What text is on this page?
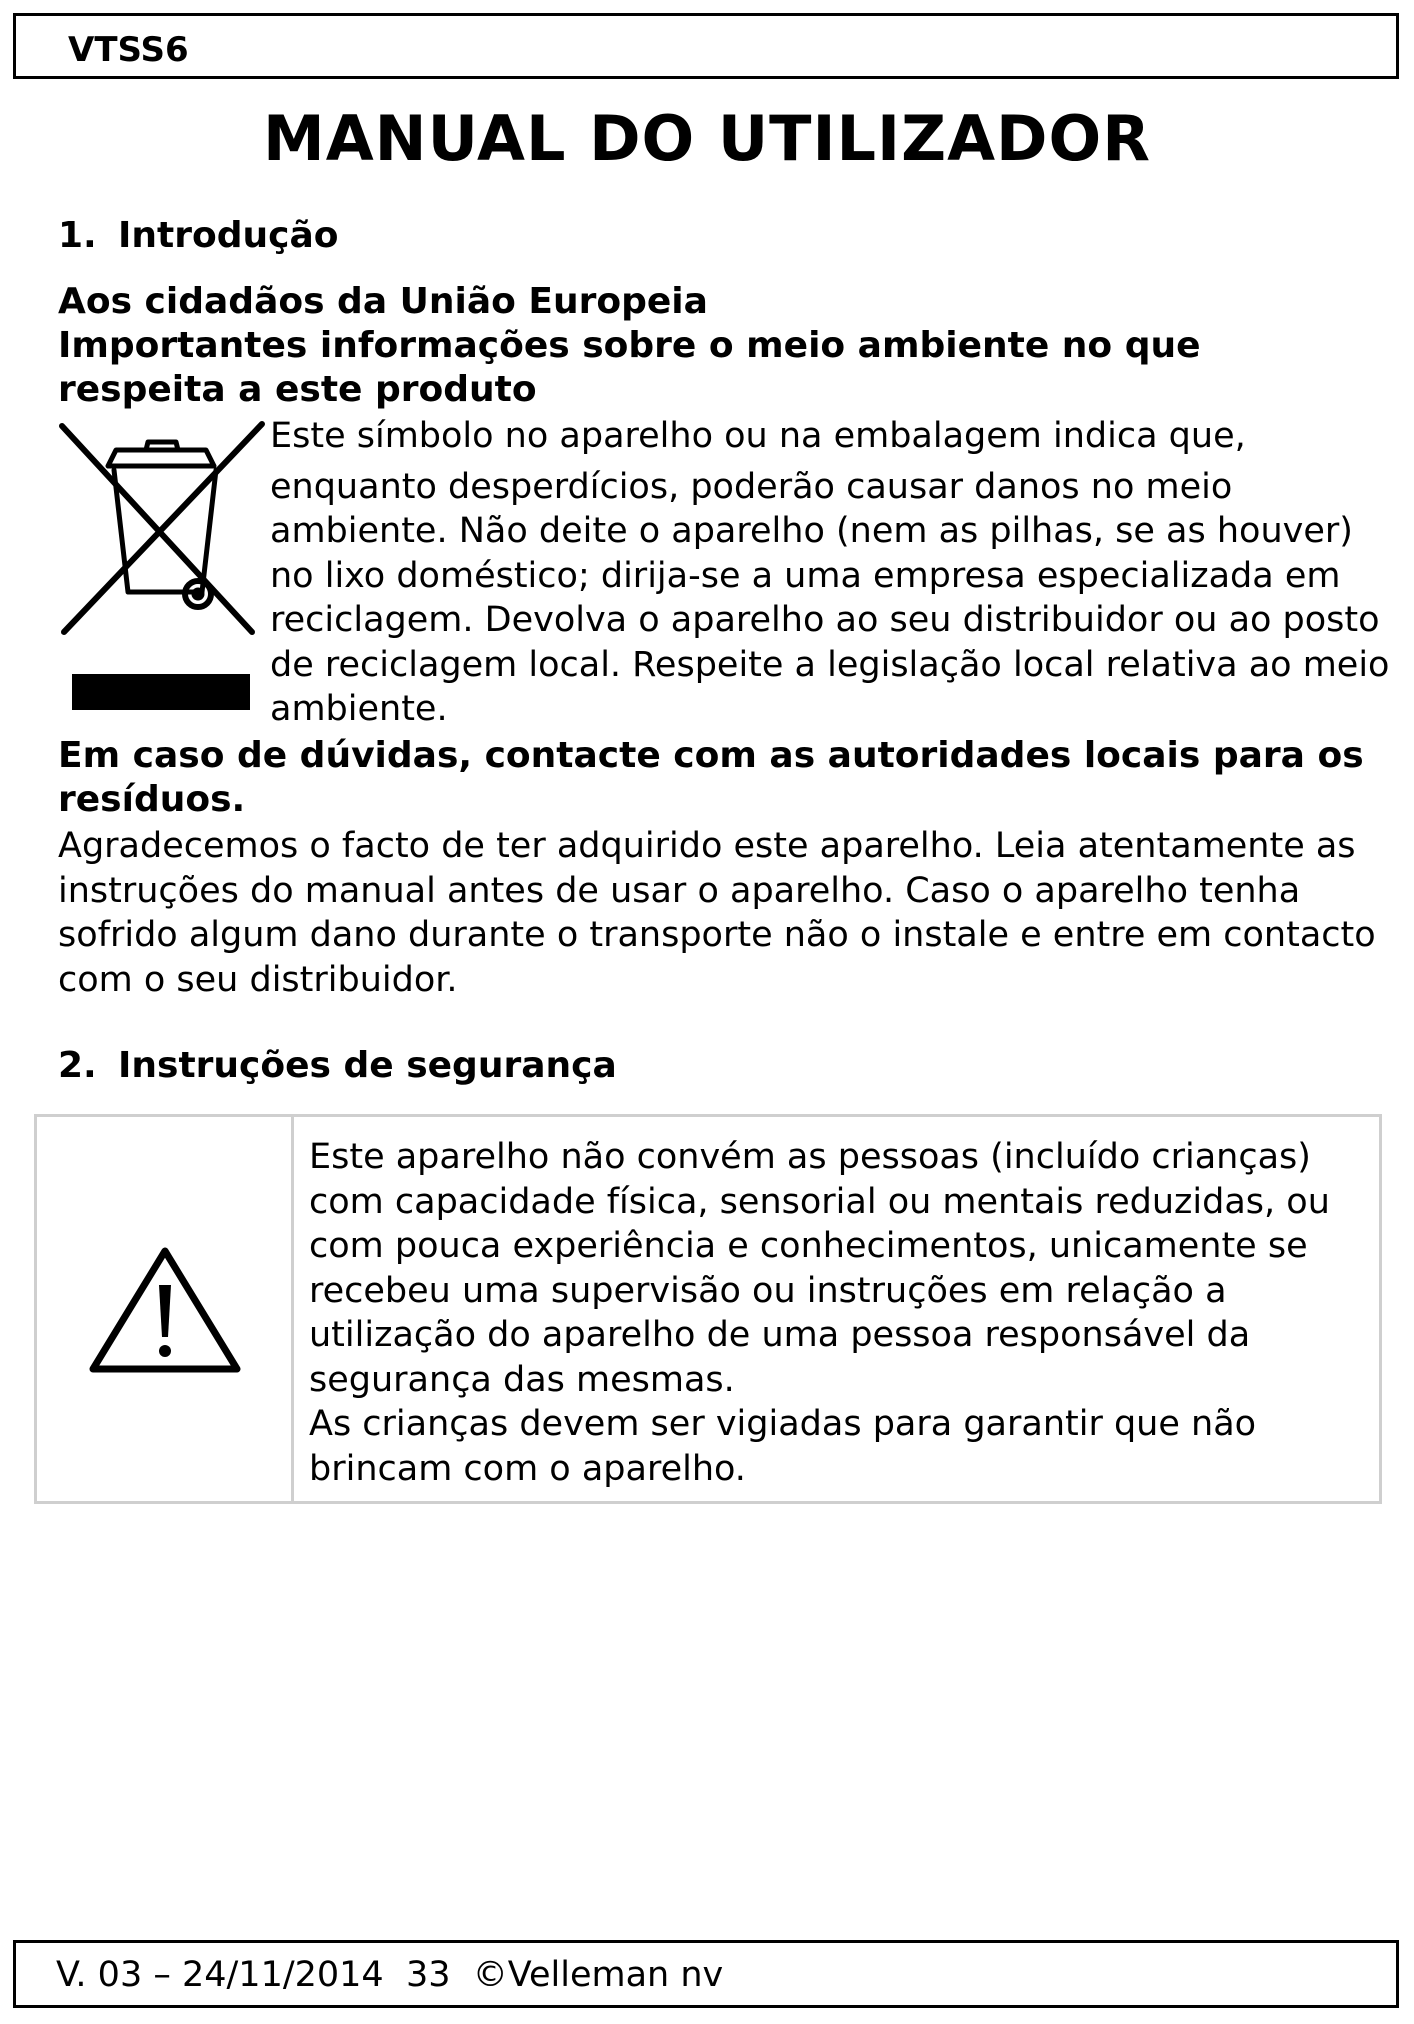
VTSS6
MANUAL DO UTILIZADOR
1. Introdução
Aos cidadãos da União Europeia
Importantes informações sobre o meio ambiente no que respeita a este produto
Este símbolo no aparelho ou na embalagem indica que,
enquanto desperdícios, poderão causar danos no meio ambiente. Não deite o aparelho (nem as pilhas, se as houver) no lixo doméstico; dirija-se a uma empresa especializada em reciclagem. Devolva o aparelho ao seu distribuidor ou ao posto de reciclagem local. Respeite a legislação local relativa ao meio ambiente.
Em caso de dúvidas, contacte com as autoridades locais para os resíduos.
Agradecemos o facto de ter adquirido este aparelho. Leia atentamente as instruções do manual antes de usar o aparelho. Caso o aparelho tenha sofrido algum dano durante o transporte não o instale e entre em contacto com o seu distribuidor.
2. Instruções de segurança
Este aparelho não convém as pessoas (incluído crianças) com capacidade física, sensorial ou mentais reduzidas, ou com pouca experiência e conhecimentos, unicamente se recebeu uma supervisão ou instruções em relação a utilização do aparelho de uma pessoa responsável da segurança das mesmas.
As crianças devem ser vigiadas para garantir que não brincam com o aparelho.
V. 03 – 24/11/2014  33  ©Velleman nv
